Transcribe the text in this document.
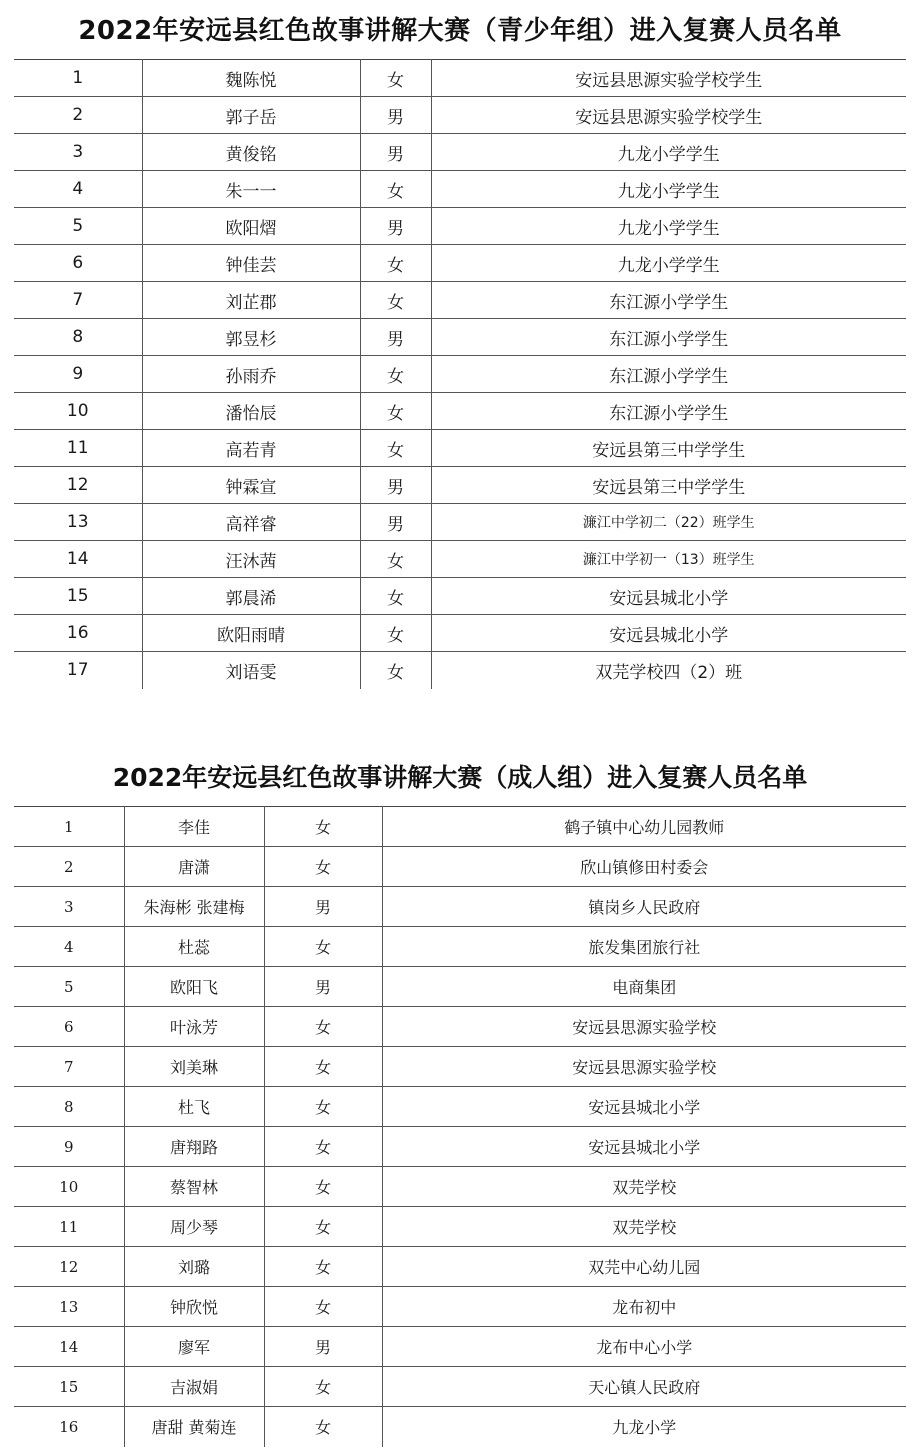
2022年安远县红色故事讲解大赛（青少年组）进入复赛人员名单
1	魏陈悦	女	安远县思源实验学校学生
2	郭子岳	男	安远县思源实验学校学生
3	黄俊铭	男	九龙小学学生
4	朱一一	女	九龙小学学生
5	欧阳熠	男	九龙小学学生
6	钟佳芸	女	九龙小学学生
7	刘芷郡	女	东江源小学学生
8	郭昱杉	男	东江源小学学生
9	孙雨乔	女	东江源小学学生
10	潘怡辰	女	东江源小学学生
11	高若青	女	安远县第三中学学生
12	钟霖宣	男	安远县第三中学学生
13	高祥睿	男	濂江中学初二（22）班学生
14	汪沐茜	女	濂江中学初一（13）班学生
15	郭晨浠	女	安远县城北小学
16	欧阳雨晴	女	安远县城北小学
17	刘语雯	女	双芫学校四（2）班
2022年安远县红色故事讲解大赛（成人组）进入复赛人员名单
1	李佳	女	鹤子镇中心幼儿园教师
2	唐潇	女	欣山镇修田村委会
3	朱海彬 张建梅	男	镇岗乡人民政府
4	杜蕊	女	旅发集团旅行社
5	欧阳飞	男	电商集团
6	叶泳芳	女	安远县思源实验学校
7	刘美琳	女	安远县思源实验学校
8	杜飞	女	安远县城北小学
9	唐翔路	女	安远县城北小学
10	蔡智林	女	双芫学校
11	周少琴	女	双芫学校
12	刘璐	女	双芫中心幼儿园
13	钟欣悦	女	龙布初中
14	廖军	男	龙布中心小学
15	吉淑娟	女	天心镇人民政府
16	唐甜 黄菊连	女	九龙小学
